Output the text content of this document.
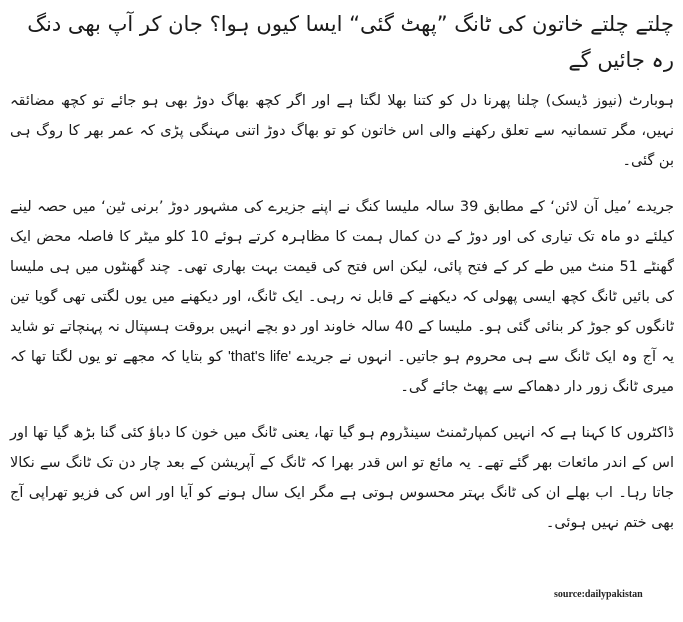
چلتے چلتے خاتون کی ٹانگ ”پھٹ گئی“ ایسا کیوں ہوا؟ جان کر آپ بھی دنگ رہ جائیں گے

ہوبارٹ (نیوز ڈیسک) چلنا پھرنا دل کو کتنا بھلا لگتا ہے اور اگر کچھ بھاگ دوڑ بھی ہو جائے تو کچھ مضائقہ نہیں، مگر تسمانیہ سے تعلق رکھنے والی اس خاتون کو تو بھاگ دوڑ اتنی مہنگی پڑی کہ عمر بھر کا روگ ہی بن گئی۔

جریدے ’میل آن لائن‘ کے مطابق 39 سالہ ملیسا کنگ نے اپنے جزیرے کی مشہور دوڑ ’برنی ٹین‘ میں حصہ لینے کیلئے دو ماہ تک تیاری کی اور دوڑ کے دن کمال ہمت کا مظاہرہ کرتے ہوئے 10 کلو میٹر کا فاصلہ محض ایک گھنٹے 51 منٹ میں طے کر کے فتح پائی، لیکن اس فتح کی قیمت بہت بھاری تھی۔ چند گھنٹوں میں ہی ملیسا کی بائیں ٹانگ کچھ ایسی پھولی کہ دیکھنے کے قابل نہ رہی۔ ایک ٹانگ، اور دیکھنے میں یوں لگتی تھی گویا تین ٹانگوں کو جوڑ کر بنائی گئی ہو۔ ملیسا کے 40 سالہ خاوند اور دو بچے انہیں بروقت ہسپتال نہ پہنچاتے تو شاید یہ آج وہ ایک ٹانگ سے ہی محروم ہو جاتیں۔ انہوں نے جریدے 'that's life' کو بتایا کہ مجھے تو یوں لگتا تھا کہ میری ٹانگ زور دار دھماکے سے پھٹ جائے گی۔

ڈاکٹروں کا کہنا ہے کہ انہیں کمپارٹمنٹ سینڈروم ہو گیا تھا، یعنی ٹانگ میں خون کا دباؤ کئی گنا بڑھ گیا تھا اور اس کے اندر مائعات بھر گئے تھے۔ یہ مائع تو اس قدر بھرا کہ ٹانگ کے آپریشن کے بعد چار دن تک ٹانگ سے نکالا جاتا رہا۔ اب بھلے ان کی ٹانگ بہتر محسوس ہوتی ہے مگر ایک سال ہونے کو آیا اور اس کی فزیو تھراپی آج بھی ختم نہیں ہوئی۔

source:dailypakistan
